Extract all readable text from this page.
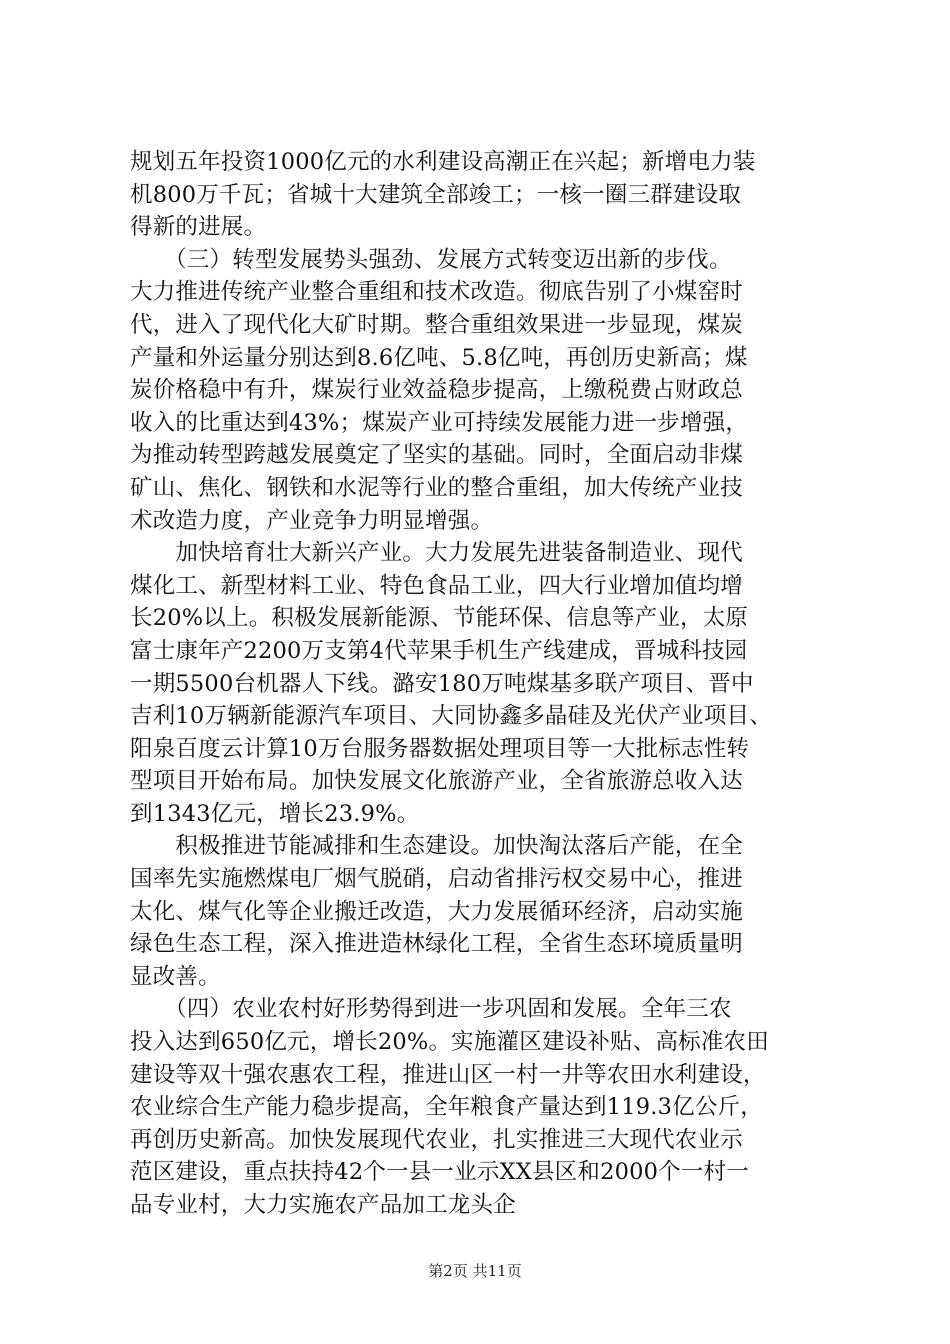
规划五年投资1000亿元的水利建设高潮正在兴起；新增电力装
机800万千瓦；省城十大建筑全部竣工；一核一圈三群建设取
得新的进展。
　　（三）转型发展势头强劲、发展方式转变迈出新的步伐。
大力推进传统产业整合重组和技术改造。彻底告别了小煤窑时
代，进入了现代化大矿时期。整合重组效果进一步显现，煤炭
产量和外运量分别达到8.6亿吨、5.8亿吨，再创历史新高；煤
炭价格稳中有升，煤炭行业效益稳步提高，上缴税费占财政总
收入的比重达到43%；煤炭产业可持续发展能力进一步增强，
为推动转型跨越发展奠定了坚实的基础。同时，全面启动非煤
矿山、焦化、钢铁和水泥等行业的整合重组，加大传统产业技
术改造力度，产业竞争力明显增强。
　　加快培育壮大新兴产业。大力发展先进装备制造业、现代
煤化工、新型材料工业、特色食品工业，四大行业增加值均增
长20%以上。积极发展新能源、节能环保、信息等产业，太原
富士康年产2200万支第4代苹果手机生产线建成，晋城科技园
一期5500台机器人下线。潞安180万吨煤基多联产项目、晋中
吉利10万辆新能源汽车项目、大同协鑫多晶硅及光伏产业项目、
阳泉百度云计算10万台服务器数据处理项目等一大批标志性转
型项目开始布局。加快发展文化旅游产业，全省旅游总收入达
到1343亿元，增长23.9%。
　　积极推进节能减排和生态建设。加快淘汰落后产能，在全
国率先实施燃煤电厂烟气脱硝，启动省排污权交易中心，推进
太化、煤气化等企业搬迁改造，大力发展循环经济，启动实施
绿色生态工程，深入推进造林绿化工程，全省生态环境质量明
显改善。
　　（四）农业农村好形势得到进一步巩固和发展。全年三农
投入达到650亿元，增长20%。实施灌区建设补贴、高标准农田
建设等双十强农惠农工程，推进山区一村一井等农田水利建设，
农业综合生产能力稳步提高，全年粮食产量达到119.3亿公斤，
再创历史新高。加快发展现代农业，扎实推进三大现代农业示
范区建设，重点扶持42个一县一业示XX县区和2000个一村一
品专业村，大力实施农产品加工龙头企
第2页 共11页
